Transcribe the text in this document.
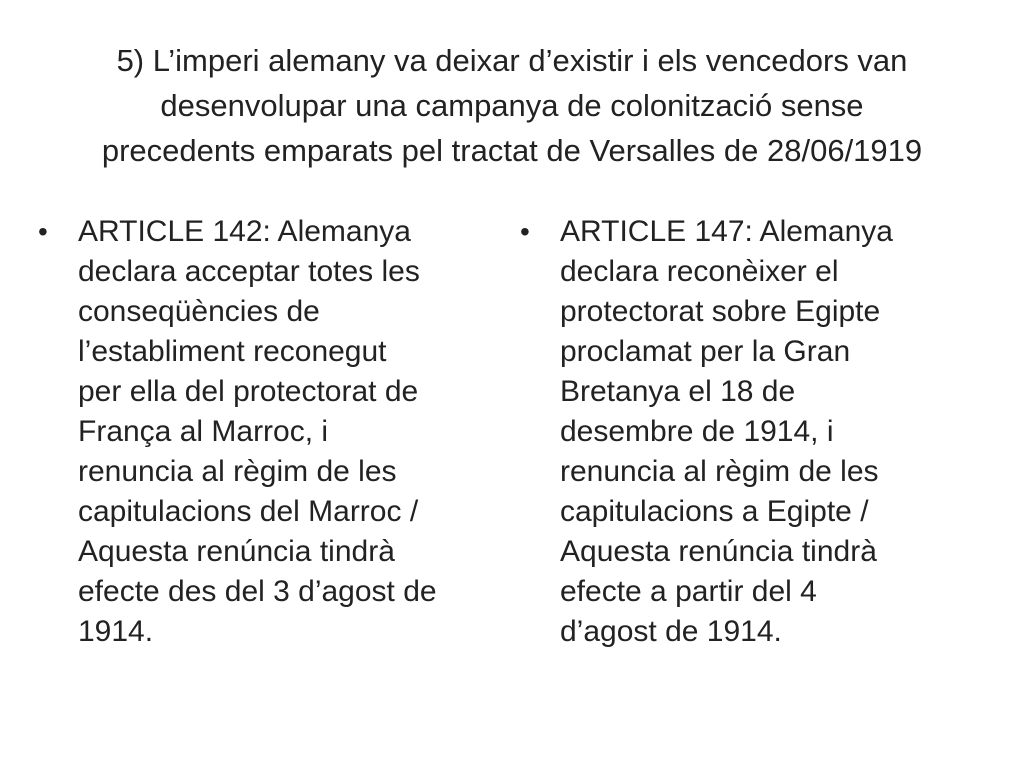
5) L’imperi alemany va deixar d’existir i els vencedors van
desenvolupar una campanya de colonització sense
precedents emparats pel tractat de Versalles de 28/06/1919
• ARTICLE 142: Alemanya
declara acceptar totes les
conseqüències de
l’establiment reconegut
per ella del protectorat de
França al Marroc, i
renuncia al règim de les
capitulacions del Marroc /
Aquesta renúncia tindrà
efecte des del 3 d’agost de
1914.
• ARTICLE 147: Alemanya
declara reconèixer el
protectorat sobre Egipte
proclamat per la Gran
Bretanya el 18 de
desembre de 1914, i
renuncia al règim de les
capitulacions a Egipte /
Aquesta renúncia tindrà
efecte a partir del 4
d’agost de 1914.
